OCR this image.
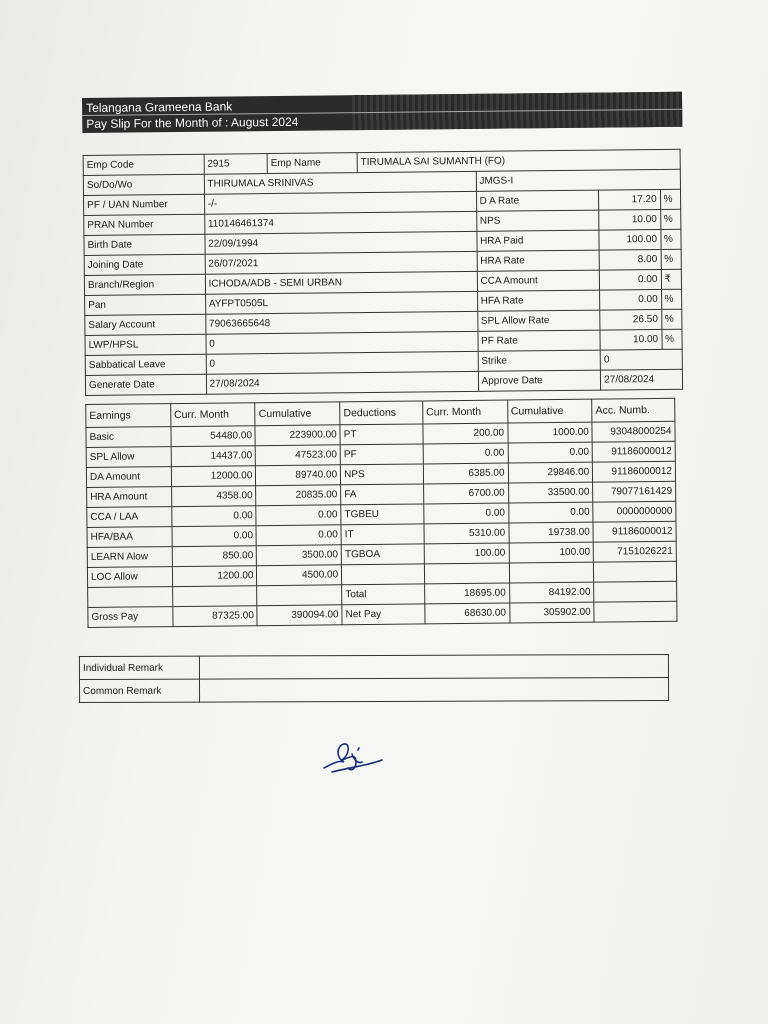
Telangana Grameena Bank
Pay Slip For the Month of : August 2024
Emp Code	2915	Emp Name	TIRUMALA SAI SUMANTH (FO)			
So/Do/Wo	THIRUMALA SRINIVAS			JMGS-I		
PF / UAN Number	-/-			D A Rate	17.20	%
PRAN Number	110146461374			NPS	10.00	%
Birth Date	22/09/1994			HRA Paid	100.00	%
Joining Date	26/07/2021			HRA Rate	8.00	%
Branch/Region	ICHODA/ADB - SEMI URBAN			CCA Amount	0.00	₹
Pan	AYFPT0505L			HFA Rate	0.00	%
Salary Account	79063665648			SPL Allow Rate	26.50	%
LWP/HPSL	0			PF Rate	10.00	%
Sabbatical Leave	0			Strike	0	
Generate Date	27/08/2024			Approve Date	27/08/2024	
Earnings	Curr. Month	Cumulative	Deductions	Curr. Month	Cumulative	Acc. Numb.
Basic	54480.00	223900.00	PT	200.00	1000.00	93048000254
SPL Allow	14437.00	47523.00	PF	0.00	0.00	91186000012
DA Amount	12000.00	89740.00	NPS	6385.00	29846.00	91186000012
HRA Amount	4358.00	20835.00	FA	6700.00	33500.00	79077161429
CCA / LAA	0.00	0.00	TGBEU	0.00	0.00	0000000000
HFA/BAA	0.00	0.00	IT	5310.00	19738.00	91186000012
LEARN Alow	850.00	3500.00	TGBOA	100.00	100.00	7151026221
LOC Allow	1200.00	4500.00				
			Total	18695.00	84192.00	
Gross Pay	87325.00	390094.00	Net Pay	68630.00	305902.00	
Individual Remark	
Common Remark	
